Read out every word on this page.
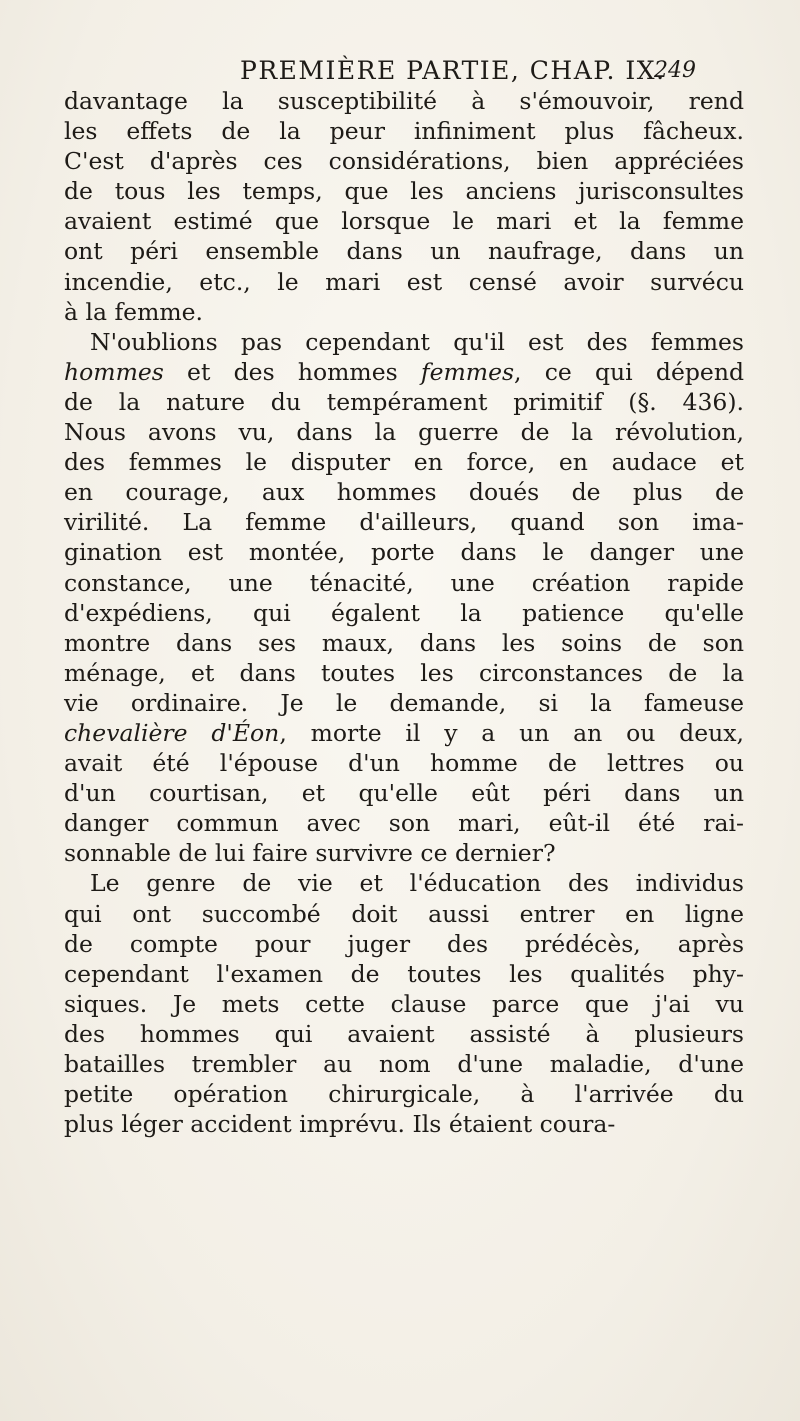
PREMIÈRE PARTIE, CHAP. IX.
249
davantage la susceptibilité à s'émouvoir, rend
les effets de la peur infiniment plus fâcheux.
C'est d'après ces considérations, bien appréciées
de tous les temps, que les anciens jurisconsultes
avaient estimé que lorsque le mari et la femme
ont péri ensemble dans un naufrage, dans un
incendie, etc., le mari est censé avoir survécu
à la femme.
N'oublions pas cependant qu'il est des femmes
hommes et des hommes femmes, ce qui dépend
de la nature du tempérament primitif (§. 436).
Nous avons vu, dans la guerre de la révolution,
des femmes le disputer en force, en audace et
en courage, aux hommes doués de plus de
virilité. La femme d'ailleurs, quand son ima-
gination est montée, porte dans le danger une
constance, une ténacité, une création rapide
d'expédiens, qui égalent la patience qu'elle
montre dans ses maux, dans les soins de son
ménage, et dans toutes les circonstances de la
vie ordinaire. Je le demande, si la fameuse
chevalière d'Éon, morte il y a un an ou deux,
avait été l'épouse d'un homme de lettres ou
d'un courtisan, et qu'elle eût péri dans un
danger commun avec son mari, eût-il été rai-
sonnable de lui faire survivre ce dernier?
Le genre de vie et l'éducation des individus
qui ont succombé doit aussi entrer en ligne
de compte pour juger des prédécès, après
cependant l'examen de toutes les qualités phy-
siques. Je mets cette clause parce que j'ai vu
des hommes qui avaient assisté à plusieurs
batailles trembler au nom d'une maladie, d'une
petite opération chirurgicale, à l'arrivée du
plus léger accident imprévu. Ils étaient coura-
